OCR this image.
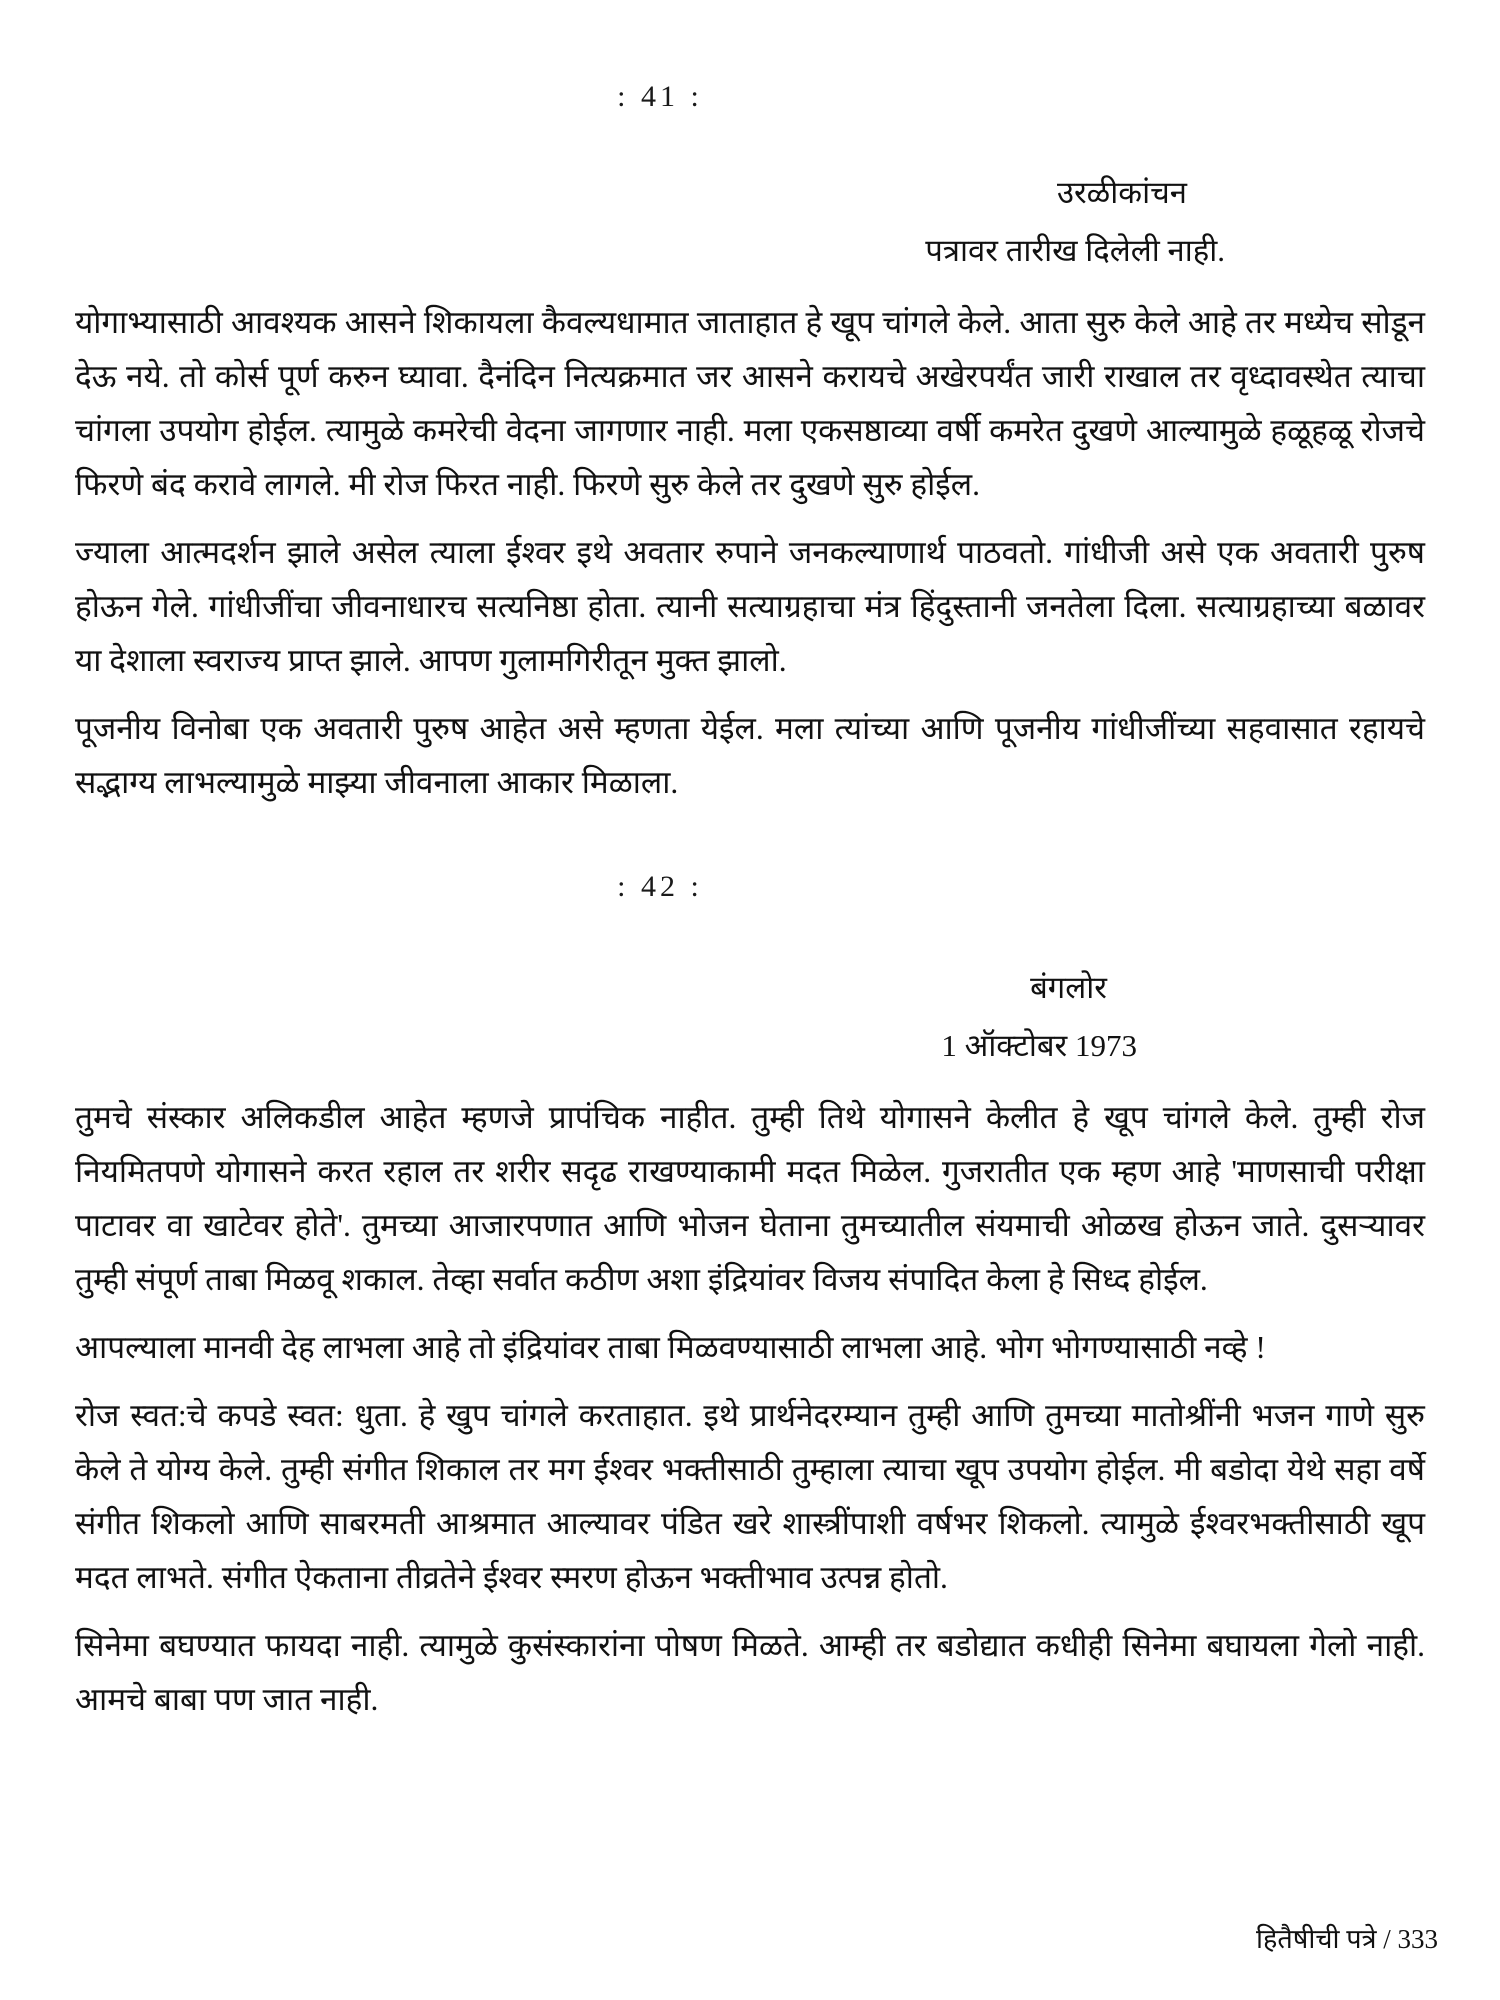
: 41 :
उरळीकांचन
पत्रावर तारीख दिलेली नाही.

योगाभ्यासाठी आवश्यक आसने शिकायला कैवल्यधामात जाताहात हे खूप चांगले केले. आता सुरु केले आहे तर मध्येच सोडून देऊ नये. तो कोर्स पूर्ण करुन घ्यावा. दैनंदिन नित्यक्रमात जर आसने करायचे अखेरपर्यंत जारी राखाल तर वृध्दावस्थेत त्याचा चांगला उपयोग होईल. त्यामुळे कमरेची वेदना जागणार नाही. मला एकसष्ठाव्या वर्षी कमरेत दुखणे आल्यामुळे हळूहळू रोजचे फिरणे बंद करावे लागले. मी रोज फिरत नाही. फिरणे सुरु केले तर दुखणे सुरु होईल.

ज्याला आत्मदर्शन झाले असेल त्याला ईश्वर इथे अवतार रुपाने जनकल्याणार्थ पाठवतो. गांधीजी असे एक अवतारी पुरुष होऊन गेले. गांधीजींचा जीवनाधारच सत्यनिष्ठा होता. त्यानी सत्याग्रहाचा मंत्र हिंदुस्तानी जनतेला दिला. सत्याग्रहाच्या बळावर या देशाला स्वराज्य प्राप्त झाले. आपण गुलामगिरीतून मुक्त झालो.

पूजनीय विनोबा एक अवतारी पुरुष आहेत असे म्हणता येईल. मला त्यांच्या आणि पूजनीय गांधीजींच्या सहवासात रहायचे सद्भाग्य लाभल्यामुळे माझ्या जीवनाला आकार मिळाला.

: 42 :
बंगलोर
1 ऑक्टोबर 1973

तुमचे संस्कार अलिकडील आहेत म्हणजे प्रापंचिक नाहीत. तुम्ही तिथे योगासने केलीत हे खूप चांगले केले. तुम्ही रोज नियमितपणे योगासने करत रहाल तर शरीर सदृढ राखण्याकामी मदत मिळेल. गुजरातीत एक म्हण आहे 'माणसाची परीक्षा पाटावर वा खाटेवर होते'. तुमच्या आजारपणात आणि भोजन घेताना तुमच्यातील संयमाची ओळख होऊन जाते. दुसऱ्यावर तुम्ही संपूर्ण ताबा मिळवू शकाल. तेव्हा सर्वात कठीण अशा इंद्रियांवर विजय संपादित केला हे सिध्द होईल.

आपल्याला मानवी देह लाभला आहे तो इंद्रियांवर ताबा मिळवण्यासाठी लाभला आहे. भोग भोगण्यासाठी नव्हे !

रोज स्वत:चे कपडे स्वत: धुता. हे खुप चांगले करताहात. इथे प्रार्थनेदरम्यान तुम्ही आणि तुमच्या मातोश्रींनी भजन गाणे सुरु केले ते योग्य केले. तुम्ही संगीत शिकाल तर मग ईश्वर भक्तीसाठी तुम्हाला त्याचा खूप उपयोग होईल. मी बडोदा येथे सहा वर्षे संगीत शिकलो आणि साबरमती आश्रमात आल्यावर पंडित खरे शास्त्रींपाशी वर्षभर शिकलो. त्यामुळे ईश्वरभक्तीसाठी खूप मदत लाभते. संगीत ऐकताना तीव्रतेने ईश्वर स्मरण होऊन भक्तीभाव उत्पन्न होतो.

सिनेमा बघण्यात फायदा नाही. त्यामुळे कुसंस्कारांना पोषण मिळते. आम्ही तर बडोद्यात कधीही सिनेमा बघायला गेलो नाही. आमचे बाबा पण जात नाही.

हितैषीची पत्रे / 333
